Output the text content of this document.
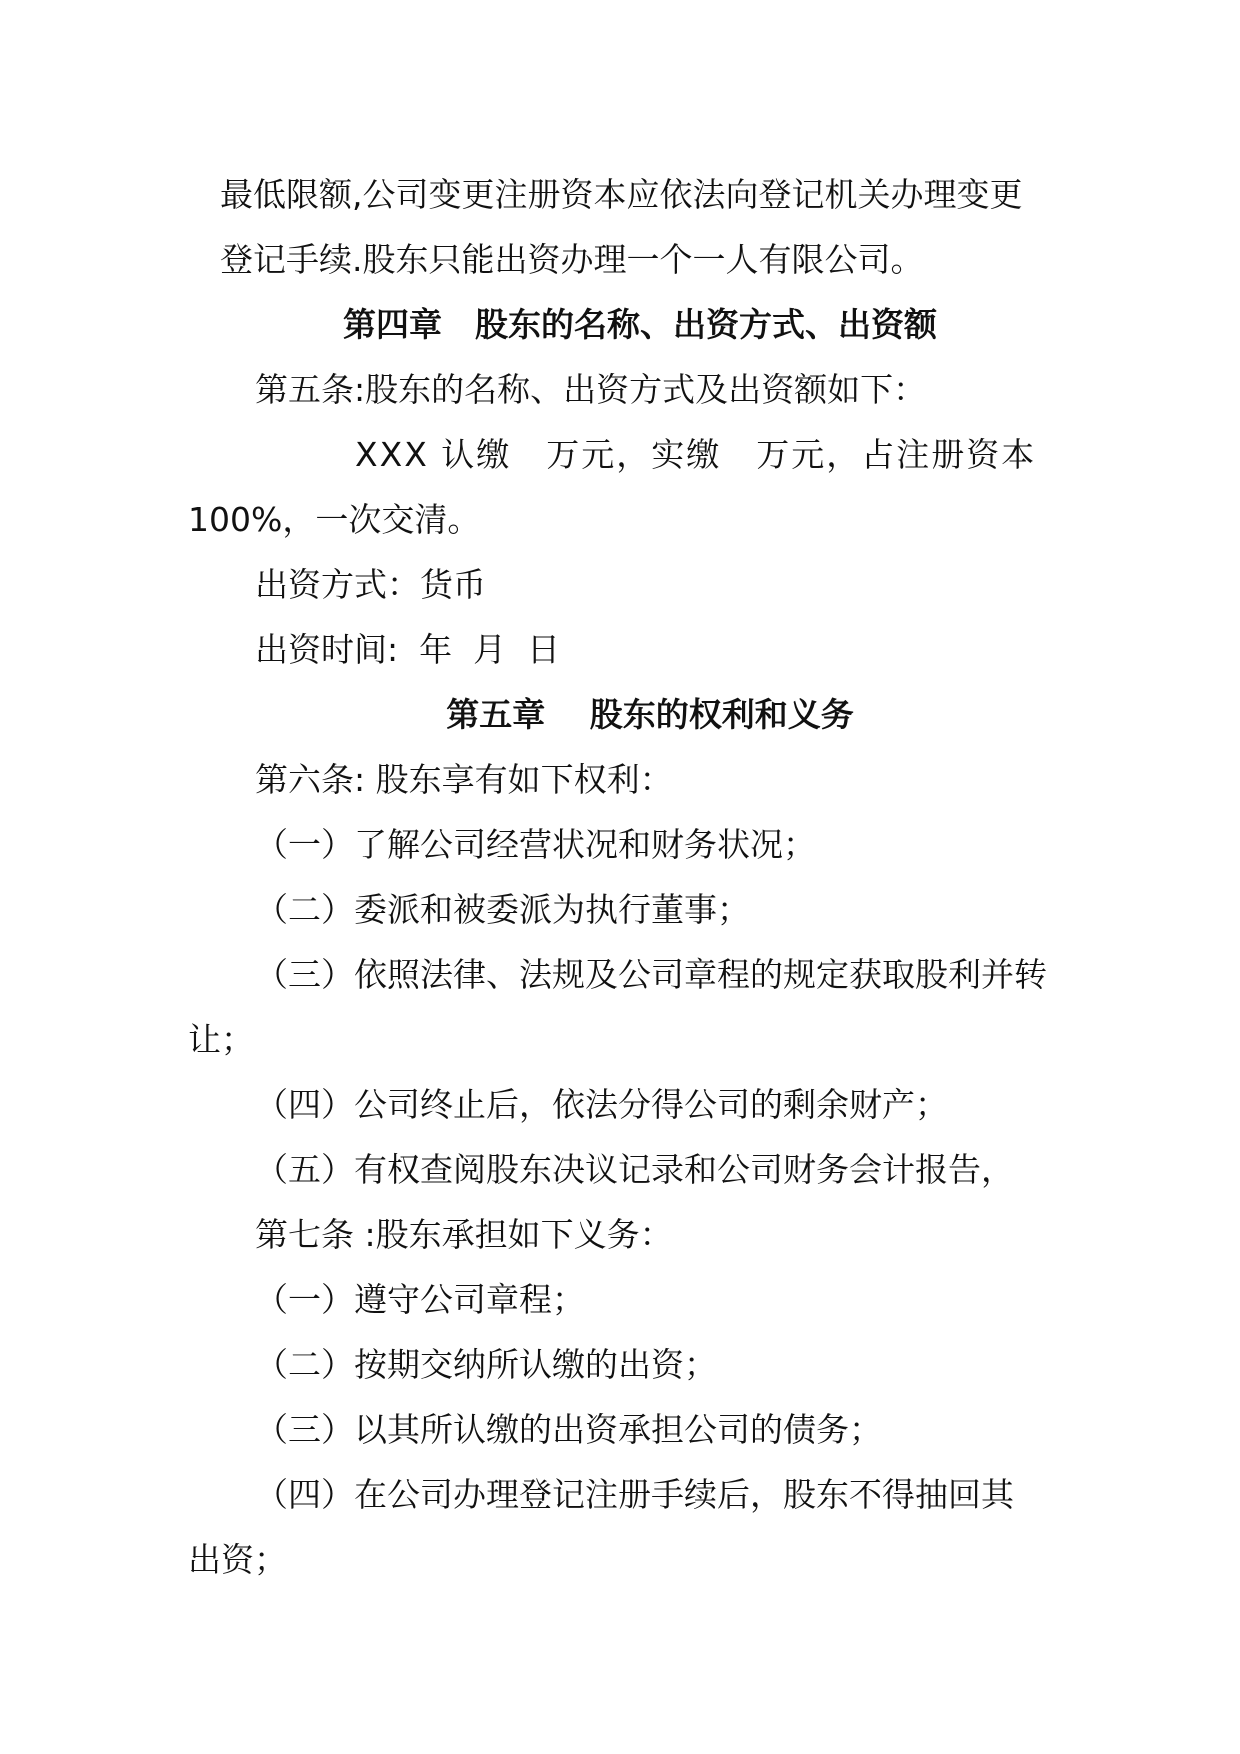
最低限额,公司变更注册资本应依法向登记机关办理变更
登记手续.股东只能出资办理一个一人有限公司。
第四章　股东的名称、出资方式、出资额
第五条:股东的名称、出资方式及出资额如下：
XXX 认缴　万元，实缴　万元，占注册资本
100%，一次交清。
出资方式：货币
出资时间:  年  月  日
第五章　 股东的权利和义务
第六条: 股东享有如下权利：
（一）了解公司经营状况和财务状况；
（二）委派和被委派为执行董事；
（三）依照法律、法规及公司章程的规定获取股利并转
让；
（四）公司终止后，依法分得公司的剩余财产；
（五）有权查阅股东决议记录和公司财务会计报告，
第七条 :股东承担如下义务：
（一）遵守公司章程；
（二）按期交纳所认缴的出资；
（三）以其所认缴的出资承担公司的债务；
（四）在公司办理登记注册手续后，股东不得抽回其
出资；
